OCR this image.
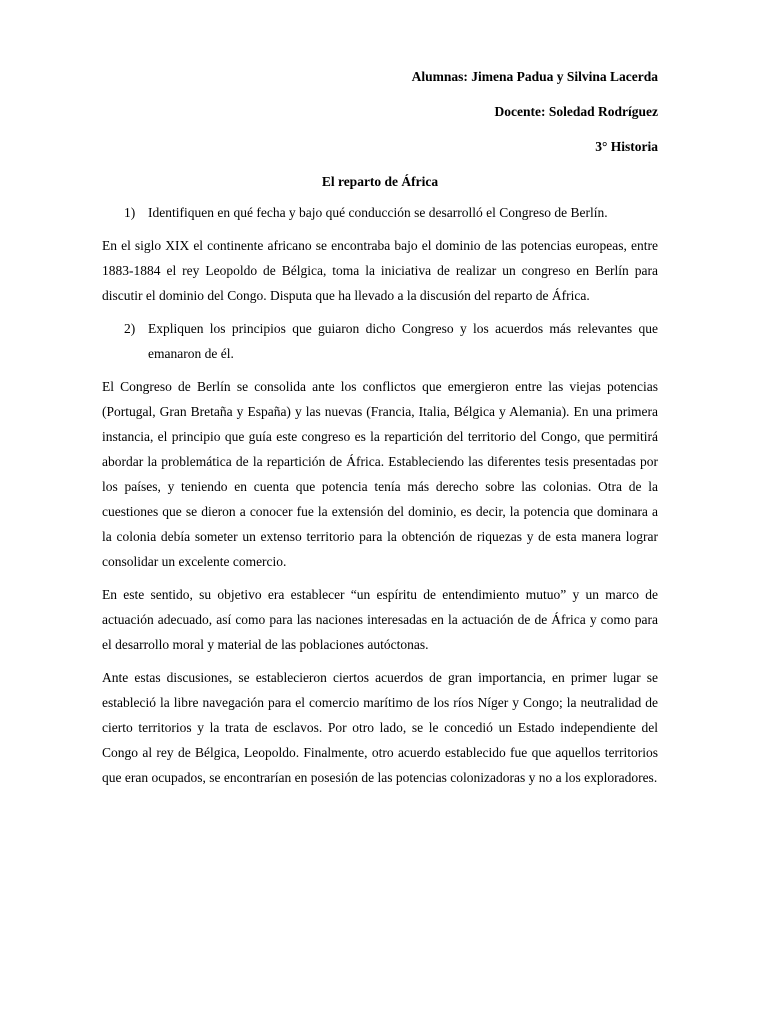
Alumnas: Jimena Padua y Silvina Lacerda
Docente: Soledad Rodríguez
3° Historia
El reparto de África
1) Identifiquen en qué fecha y bajo qué conducción se desarrolló el Congreso de Berlín.

En el siglo XIX el continente africano se encontraba bajo el dominio de las potencias europeas, entre 1883-1884 el rey Leopoldo de Bélgica, toma la iniciativa de realizar un congreso en Berlín para discutir el dominio del Congo. Disputa que ha llevado a la discusión del reparto de África.

2) Expliquen los principios que guiaron dicho Congreso y los acuerdos más relevantes que emanaron de él.

El Congreso de Berlín se consolida ante los conflictos que emergieron entre las viejas potencias (Portugal, Gran Bretaña y España) y las nuevas (Francia, Italia, Bélgica y Alemania). En una primera instancia, el principio que guía este congreso es la repartición del territorio del Congo, que permitirá abordar la problemática de la repartición de África. Estableciendo las diferentes tesis presentadas por los países, y teniendo en cuenta que potencia tenía más derecho sobre las colonias. Otra de la cuestiones que se dieron a conocer fue la extensión del dominio, es decir, la potencia que dominara a la colonia debía someter un extenso territorio para la obtención de riquezas y de esta manera lograr consolidar un excelente comercio.

En este sentido, su objetivo era establecer “un espíritu de entendimiento mutuo” y un marco de actuación adecuado, así como para las naciones interesadas en la actuación de de África y como para el desarrollo moral y material de las poblaciones autóctonas.

Ante estas discusiones, se establecieron ciertos acuerdos de gran importancia, en primer lugar se estableció la libre navegación para el comercio marítimo de los ríos Níger y Congo; la neutralidad de cierto territorios y la trata de esclavos. Por otro lado, se le concedió un Estado independiente del Congo al rey de Bélgica, Leopoldo. Finalmente, otro acuerdo establecido fue que aquellos territorios que eran ocupados, se encontrarían en posesión de las potencias colonizadoras y no a los exploradores.
